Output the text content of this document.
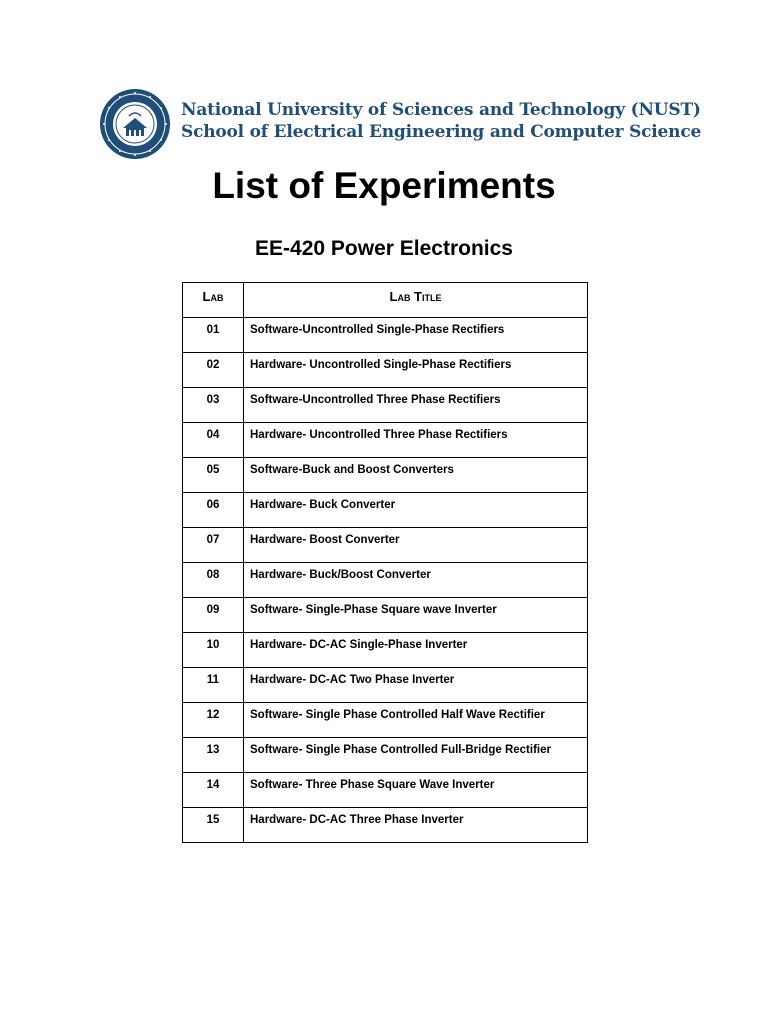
National University of Sciences and Technology (NUST)

School of Electrical Engineering and Computer Science

List of Experiments
EE-420 Power Electronics
Lab	Lab Title
01	Software-Uncontrolled Single-Phase Rectifiers
02	Hardware- Uncontrolled Single-Phase Rectifiers
03	Software-Uncontrolled Three Phase Rectifiers
04	Hardware- Uncontrolled Three Phase Rectifiers
05	Software-Buck and Boost Converters
06	Hardware- Buck Converter
07	Hardware- Boost Converter
08	Hardware- Buck/Boost Converter
09	Software- Single-Phase Square wave Inverter
10	Hardware- DC-AC Single-Phase Inverter
11	Hardware- DC-AC Two Phase Inverter
12	Software- Single Phase Controlled Half Wave Rectifier
13	Software- Single Phase Controlled Full-Bridge Rectifier
14	Software- Three Phase Square Wave Inverter
15	Hardware- DC-AC Three Phase Inverter
